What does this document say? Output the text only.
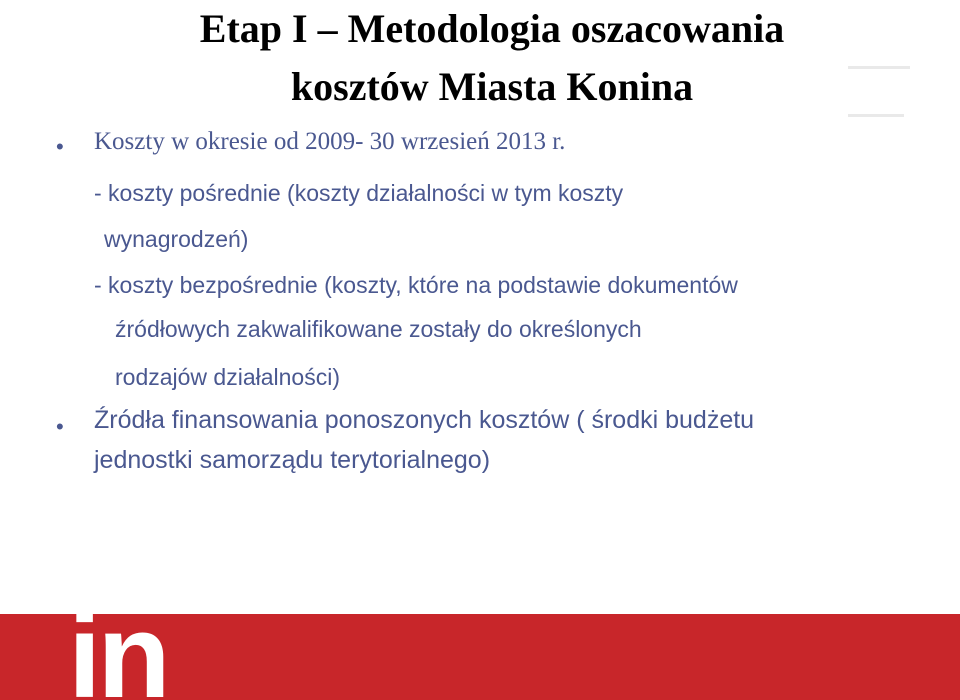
Etap I – Metodologia oszacowania
kosztów Miasta Konina
• Koszty w okresie od 2009- 30 wrzesień 2013 r.
- koszty pośrednie (koszty działalności w tym koszty
wynagrodzeń)
- koszty bezpośrednie (koszty, które na podstawie dokumentów
źródłowych zakwalifikowane zostały do określonych
rodzajów działalności)
• Źródła finansowania ponoszonych kosztów ( środki budżetu
jednostki samorządu terytorialnego)
in
